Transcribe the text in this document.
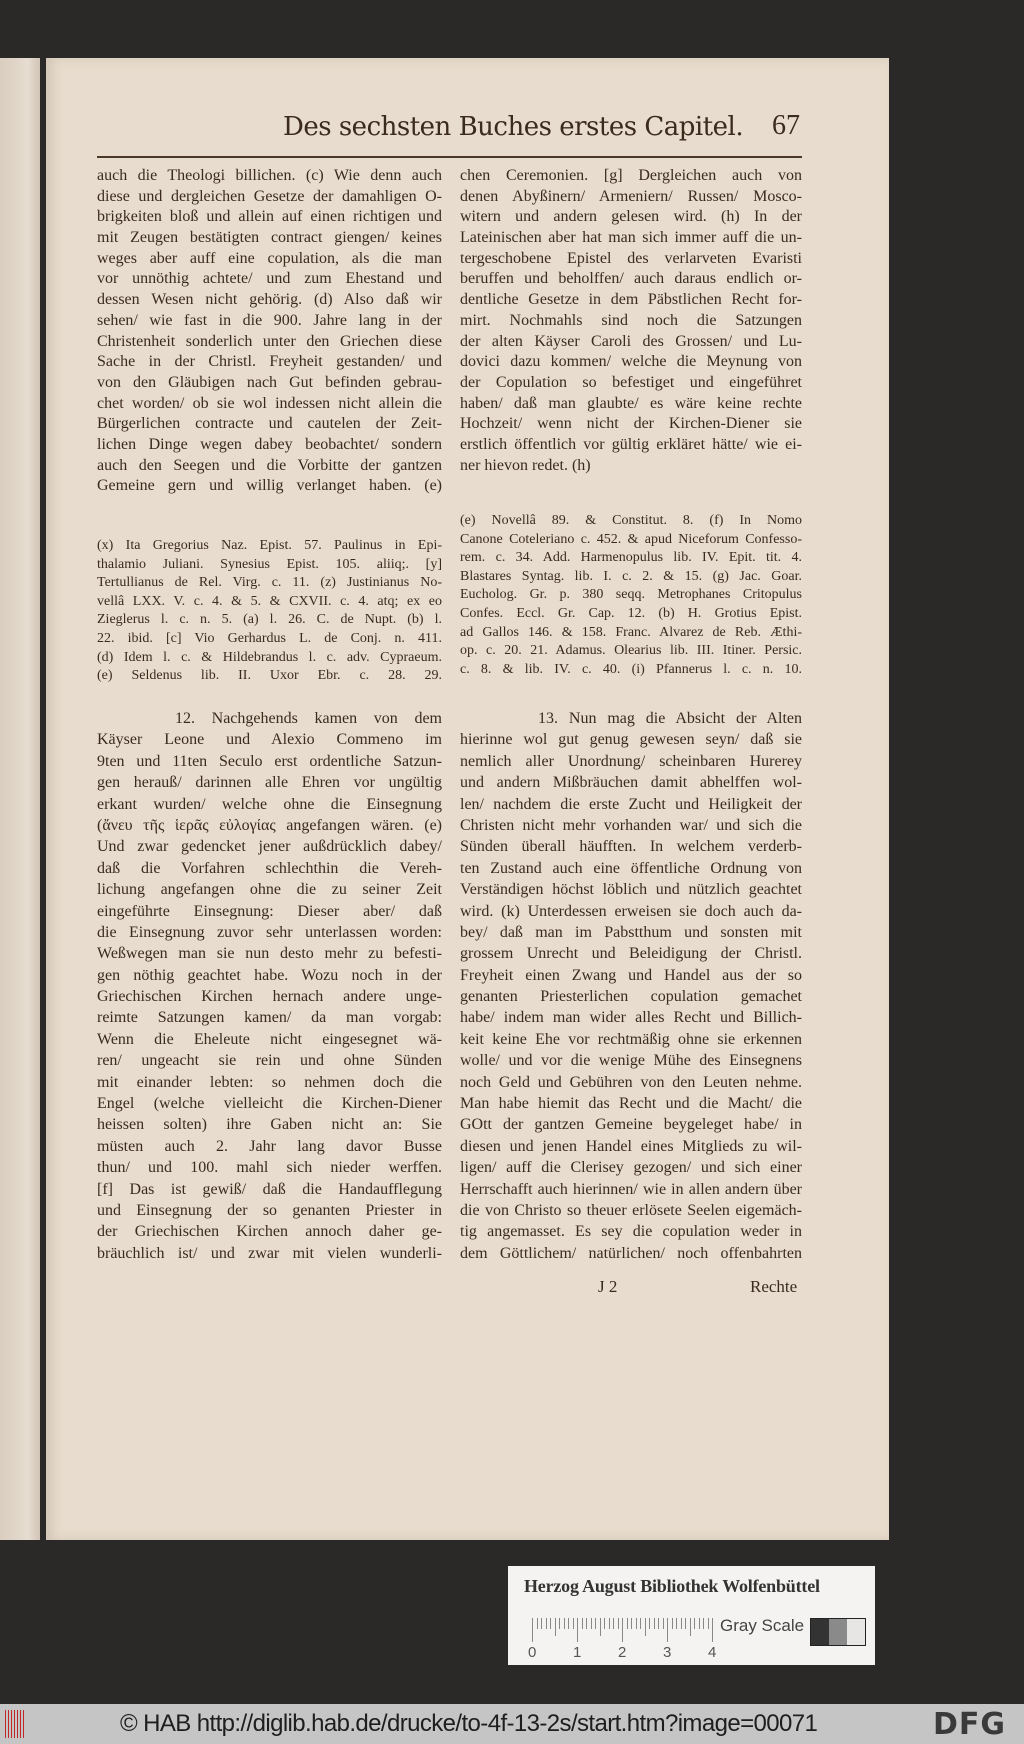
Des sechsten Buches erstes Capitel. 67
auch die Theologi billichen. (c) Wie denn auch
diese und dergleichen Gesetze der damahligen O-
brigkeiten bloß und allein auf einen richtigen und
mit Zeugen bestätigten contract giengen/ keines
weges aber auff eine copulation, als die man
vor unnöthig achtete/ und zum Ehestand und
dessen Wesen nicht gehörig. (d) Also daß wir
sehen/ wie fast in die 900. Jahre lang in der
Christenheit sonderlich unter den Griechen diese
Sache in der Christl. Freyheit gestanden/ und
von den Gläubigen nach Gut befinden gebrau-
chet worden/ ob sie wol indessen nicht allein die
Bürgerlichen contracte und cautelen der Zeit-
lichen Dinge wegen dabey beobachtet/ sondern
auch den Seegen und die Vorbitte der gantzen
Gemeine gern und willig verlanget haben. (e)
chen Ceremonien. [g] Dergleichen auch von
denen Abyßinern/ Armeniern/ Russen/ Mosco-
witern und andern gelesen wird. (h) In der
Lateinischen aber hat man sich immer auff die un-
tergeschobene Epistel des verlarveten Evaristi
beruffen und beholffen/ auch daraus endlich or-
dentliche Gesetze in dem Päbstlichen Recht for-
mirt. Nochmahls sind noch die Satzungen
der alten Käyser Caroli des Grossen/ und Lu-
dovici dazu kommen/ welche die Meynung von
der Copulation so befestiget und eingeführet
haben/ daß man glaubte/ es wäre keine rechte
Hochzeit/ wenn nicht der Kirchen-Diener sie
erstlich öffentlich vor gültig erkläret hätte/ wie ei-
ner hievon redet. (h)
(x) Ita Gregorius Naz. Epist. 57. Paulinus in Epi-
thalamio Juliani. Synesius Epist. 105. aliiq;. [y]
Tertullianus de Rel. Virg. c. 11. (z) Justinianus No-
vellâ LXX. V. c. 4. & 5. & CXVII. c. 4. atq; ex eo
Zieglerus l. c. n. 5. (a) l. 26. C. de Nupt. (b) l.
22. ibid. [c] Vio Gerhardus L. de Conj. n. 411.
(d) Idem l. c. & Hildebrandus l. c. adv. Cypraeum.
(e) Seldenus lib. II. Uxor Ebr. c. 28. 29.
(e) Novellâ 89. & Constitut. 8. (f) In Nomo
Canone Coteleriano c. 452. & apud Niceforum Confesso-
rem. c. 34. Add. Harmenopulus lib. IV. Epit. tit. 4.
Blastares Syntag. lib. I. c. 2. & 15. (g) Jac. Goar.
Eucholog. Gr. p. 380 seqq. Metrophanes Critopulus
Confes. Eccl. Gr. Cap. 12. (b) H. Grotius Epist.
ad Gallos 146. & 158. Franc. Alvarez de Reb. Æthi-
op. c. 20. 21. Adamus. Olearius lib. III. Itiner. Persic.
c. 8. & lib. IV. c. 40. (i) Pfannerus l. c. n. 10.
12. Nachgehends kamen von dem
Käyser Leone und Alexio Commeno im
9ten und 11ten Seculo erst ordentliche Satzun-
gen herauß/ darinnen alle Ehren vor ungültig
erkant wurden/ welche ohne die Einsegnung
(ἄνευ τῆς ἱερᾶς εὐλογίας angefangen wären. (e)
Und zwar gedencket jener außdrücklich dabey/
daß die Vorfahren schlechthin die Vereh-
lichung angefangen ohne die zu seiner Zeit
eingeführte Einsegnung: Dieser aber/ daß
die Einsegnung zuvor sehr unterlassen worden:
Weßwegen man sie nun desto mehr zu befesti-
gen nöthig geachtet habe. Wozu noch in der
Griechischen Kirchen hernach andere unge-
reimte Satzungen kamen/ da man vorgab:
Wenn die Eheleute nicht eingesegnet wä-
ren/ ungeacht sie rein und ohne Sünden
mit einander lebten: so nehmen doch die
Engel (welche vielleicht die Kirchen-Diener
heissen solten) ihre Gaben nicht an: Sie
müsten auch 2. Jahr lang davor Busse
thun/ und 100. mahl sich nieder werffen.
[f] Das ist gewiß/ daß die Handaufflegung
und Einsegnung der so genanten Priester in
der Griechischen Kirchen annoch daher ge-
bräuchlich ist/ und zwar mit vielen wunderli-
13. Nun mag die Absicht der Alten
hierinne wol gut genug gewesen seyn/ daß sie
nemlich aller Unordnung/ scheinbaren Hurerey
und andern Mißbräuchen damit abhelffen wol-
len/ nachdem die erste Zucht und Heiligkeit der
Christen nicht mehr vorhanden war/ und sich die
Sünden überall häufften. In welchem verderb-
ten Zustand auch eine öffentliche Ordnung von
Verständigen höchst löblich und nützlich geachtet
wird. (k) Unterdessen erweisen sie doch auch da-
bey/ daß man im Pabstthum und sonsten mit
grossem Unrecht und Beleidigung der Christl.
Freyheit einen Zwang und Handel aus der so
genanten Priesterlichen copulation gemachet
habe/ indem man wider alles Recht und Billich-
keit keine Ehe vor rechtmäßig ohne sie erkennen
wolle/ und vor die wenige Mühe des Einsegnens
noch Geld und Gebühren von den Leuten nehme.
Man habe hiemit das Recht und die Macht/ die
GOtt der gantzen Gemeine beygeleget habe/ in
diesen und jenen Handel eines Mitglieds zu wil-
ligen/ auff die Clerisey gezogen/ und sich einer
Herrschafft auch hierinnen/ wie in allen andern über
die von Christo so theuer erlösete Seelen eigemäch-
tig angemasset. Es sey die copulation weder in
dem Göttlichem/ natürlichen/ noch offenbahrten
J 2	Rechte
Herzog August Bibliothek Wolfenbüttel
0 1 2 3 4
Gray Scale
© HAB http://diglib.hab.de/drucke/to-4f-13-2s/start.htm?image=00071	DFG
